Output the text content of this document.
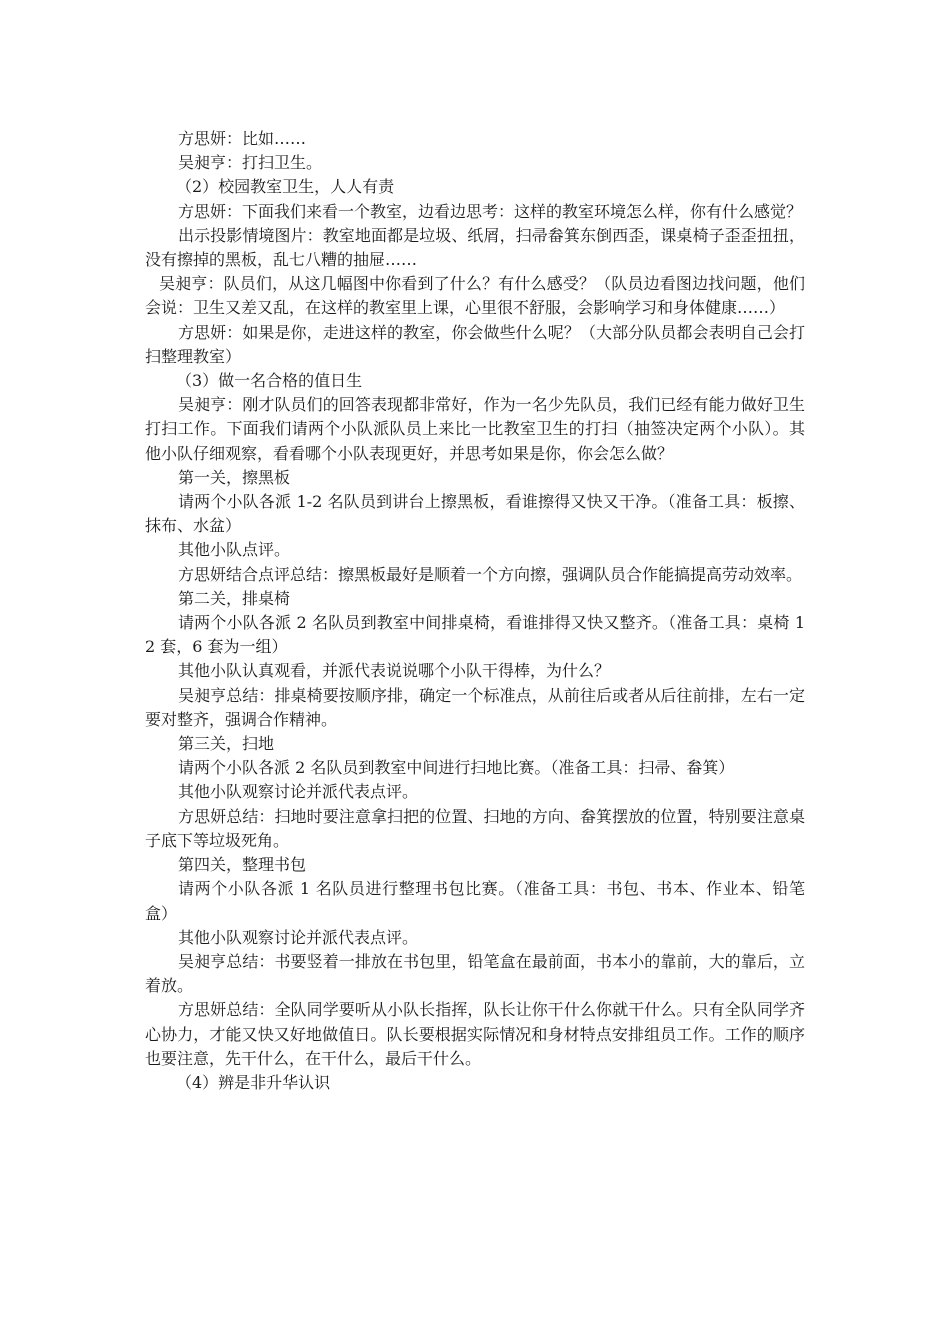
方思妍：比如……

吴昶亨：打扫卫生。

（2）校园教室卫生，人人有责

方思妍：下面我们来看一个教室，边看边思考：这样的教室环境怎么样，你有什么感觉？

出示投影情境图片：教室地面都是垃圾、纸屑，扫帚畚箕东倒西歪，课桌椅子歪歪扭扭，没有擦掉的黑板，乱七八糟的抽屉……

吴昶亨：队员们，从这几幅图中你看到了什么？有什么感受？（队员边看图边找问题，他们会说：卫生又差又乱，在这样的教室里上课，心里很不舒服，会影响学习和身体健康……）

方思妍：如果是你，走进这样的教室，你会做些什么呢？（大部分队员都会表明自己会打扫整理教室）

（3）做一名合格的值日生

吴昶亨：刚才队员们的回答表现都非常好，作为一名少先队员，我们已经有能力做好卫生打扫工作。下面我们请两个小队派队员上来比一比教室卫生的打扫（抽签决定两个小队）。其他小队仔细观察，看看哪个小队表现更好，并思考如果是你，你会怎么做？

第一关，擦黑板

请两个小队各派 1-2 名队员到讲台上擦黑板，看谁擦得又快又干净。（准备工具：板擦、抹布、水盆）

其他小队点评。

方思妍结合点评总结：擦黑板最好是顺着一个方向擦，强调队员合作能搞提高劳动效率。

第二关，排桌椅

请两个小队各派 2 名队员到教室中间排桌椅，看谁排得又快又整齐。（准备工具：桌椅 12 套，6 套为一组）

其他小队认真观看，并派代表说说哪个小队干得棒，为什么？

吴昶亨总结：排桌椅要按顺序排，确定一个标准点，从前往后或者从后往前排，左右一定要对整齐，强调合作精神。

第三关，扫地

请两个小队各派 2 名队员到教室中间进行扫地比赛。（准备工具：扫帚、畚箕）

其他小队观察讨论并派代表点评。

方思妍总结：扫地时要注意拿扫把的位置、扫地的方向、畚箕摆放的位置，特别要注意桌子底下等垃圾死角。

第四关，整理书包

请两个小队各派 1 名队员进行整理书包比赛。（准备工具：书包、书本、作业本、铅笔盒）

其他小队观察讨论并派代表点评。

吴昶亨总结：书要竖着一排放在书包里，铅笔盒在最前面，书本小的靠前，大的靠后，立着放。

方思妍总结：全队同学要听从小队长指挥，队长让你干什么你就干什么。只有全队同学齐心协力，才能又快又好地做值日。队长要根据实际情况和身材特点安排组员工作。工作的顺序也要注意，先干什么，在干什么，最后干什么。

（4）辨是非升华认识
